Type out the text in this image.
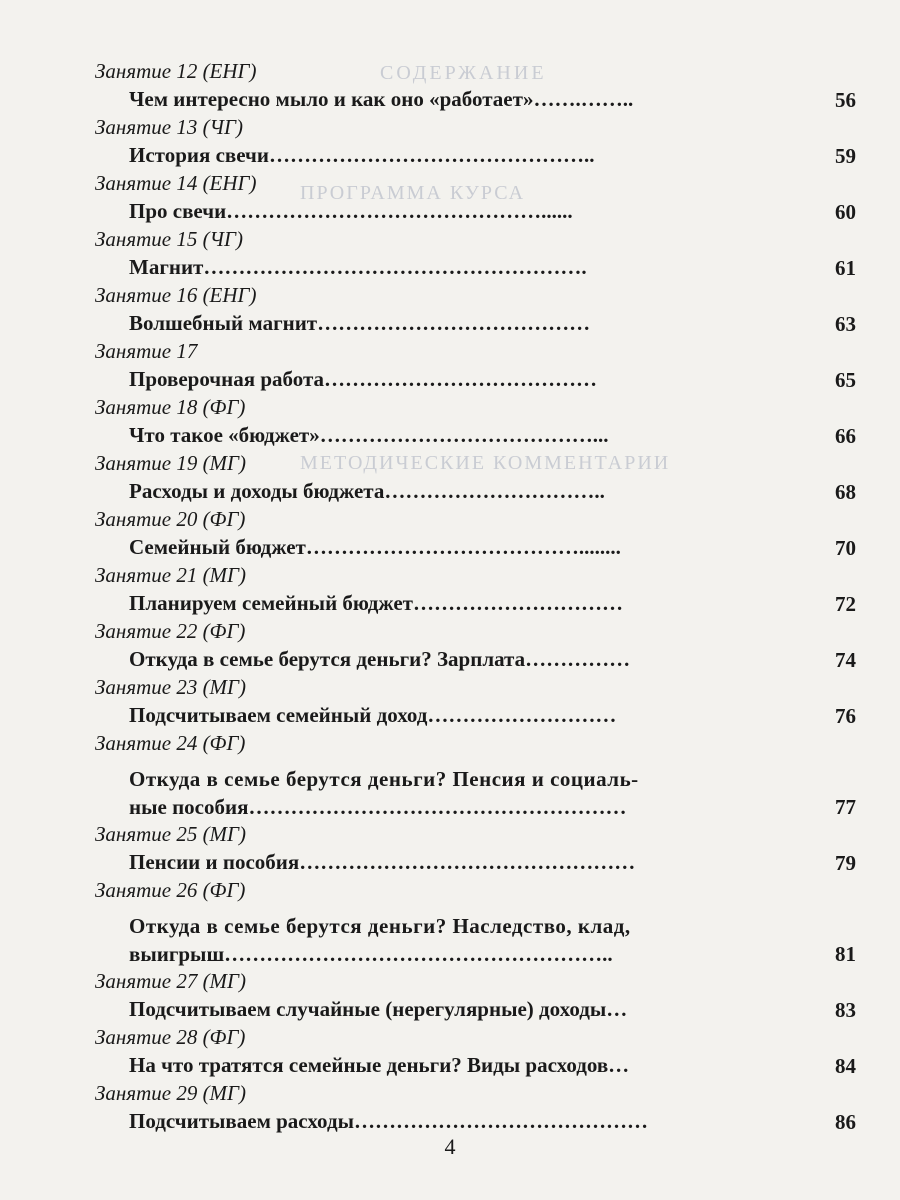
СОДЕРЖАНИЕ
ПРОГРАММА КУРСА
МЕТОДИЧЕСКИЕ КОММЕНТАРИИ
Занятие 12 (ЕНГ)
Чем интересно мыло и как оно «работает»…….……..	56
Занятие 13 (ЧГ)
История свечи………………………………………..	59
Занятие 14 (ЕНГ)
Про свечи………………………………………......	60
Занятие 15 (ЧГ)
Магнит……………………………………………….	61
Занятие 16 (ЕНГ)
Волшебный магнит…………………………………	63
Занятие 17
Проверочная работа…………………………………	65
Занятие 18 (ФГ)
Что такое «бюджет»…………………………………...	66
Занятие 19 (МГ)
Расходы и доходы бюджета…………………………..	68
Занятие 20 (ФГ)
Семейный бюджет…………………………………........	70
Занятие 21 (МГ)
Планируем семейный бюджет…………………………	72
Занятие 22 (ФГ)
Откуда в семье берутся деньги? Зарплата……………	74
Занятие 23 (МГ)
Подсчитываем семейный доход………………………	76
Занятие 24 (ФГ)
Откуда в семье берутся деньги? Пенсия и социаль-
ные пособия………………………………………………	77
Занятие 25 (МГ)
Пенсии и пособия…………………………………………	79
Занятие 26 (ФГ)
Откуда в семье берутся деньги? Наследство, клад,
выигрыш………………………………………………..	81
Занятие 27 (МГ)
Подсчитываем случайные (нерегулярные) доходы…	83
Занятие 28 (ФГ)
На что тратятся семейные деньги? Виды расходов…	84
Занятие 29 (МГ)
Подсчитываем расходы……………………………………	86
4
